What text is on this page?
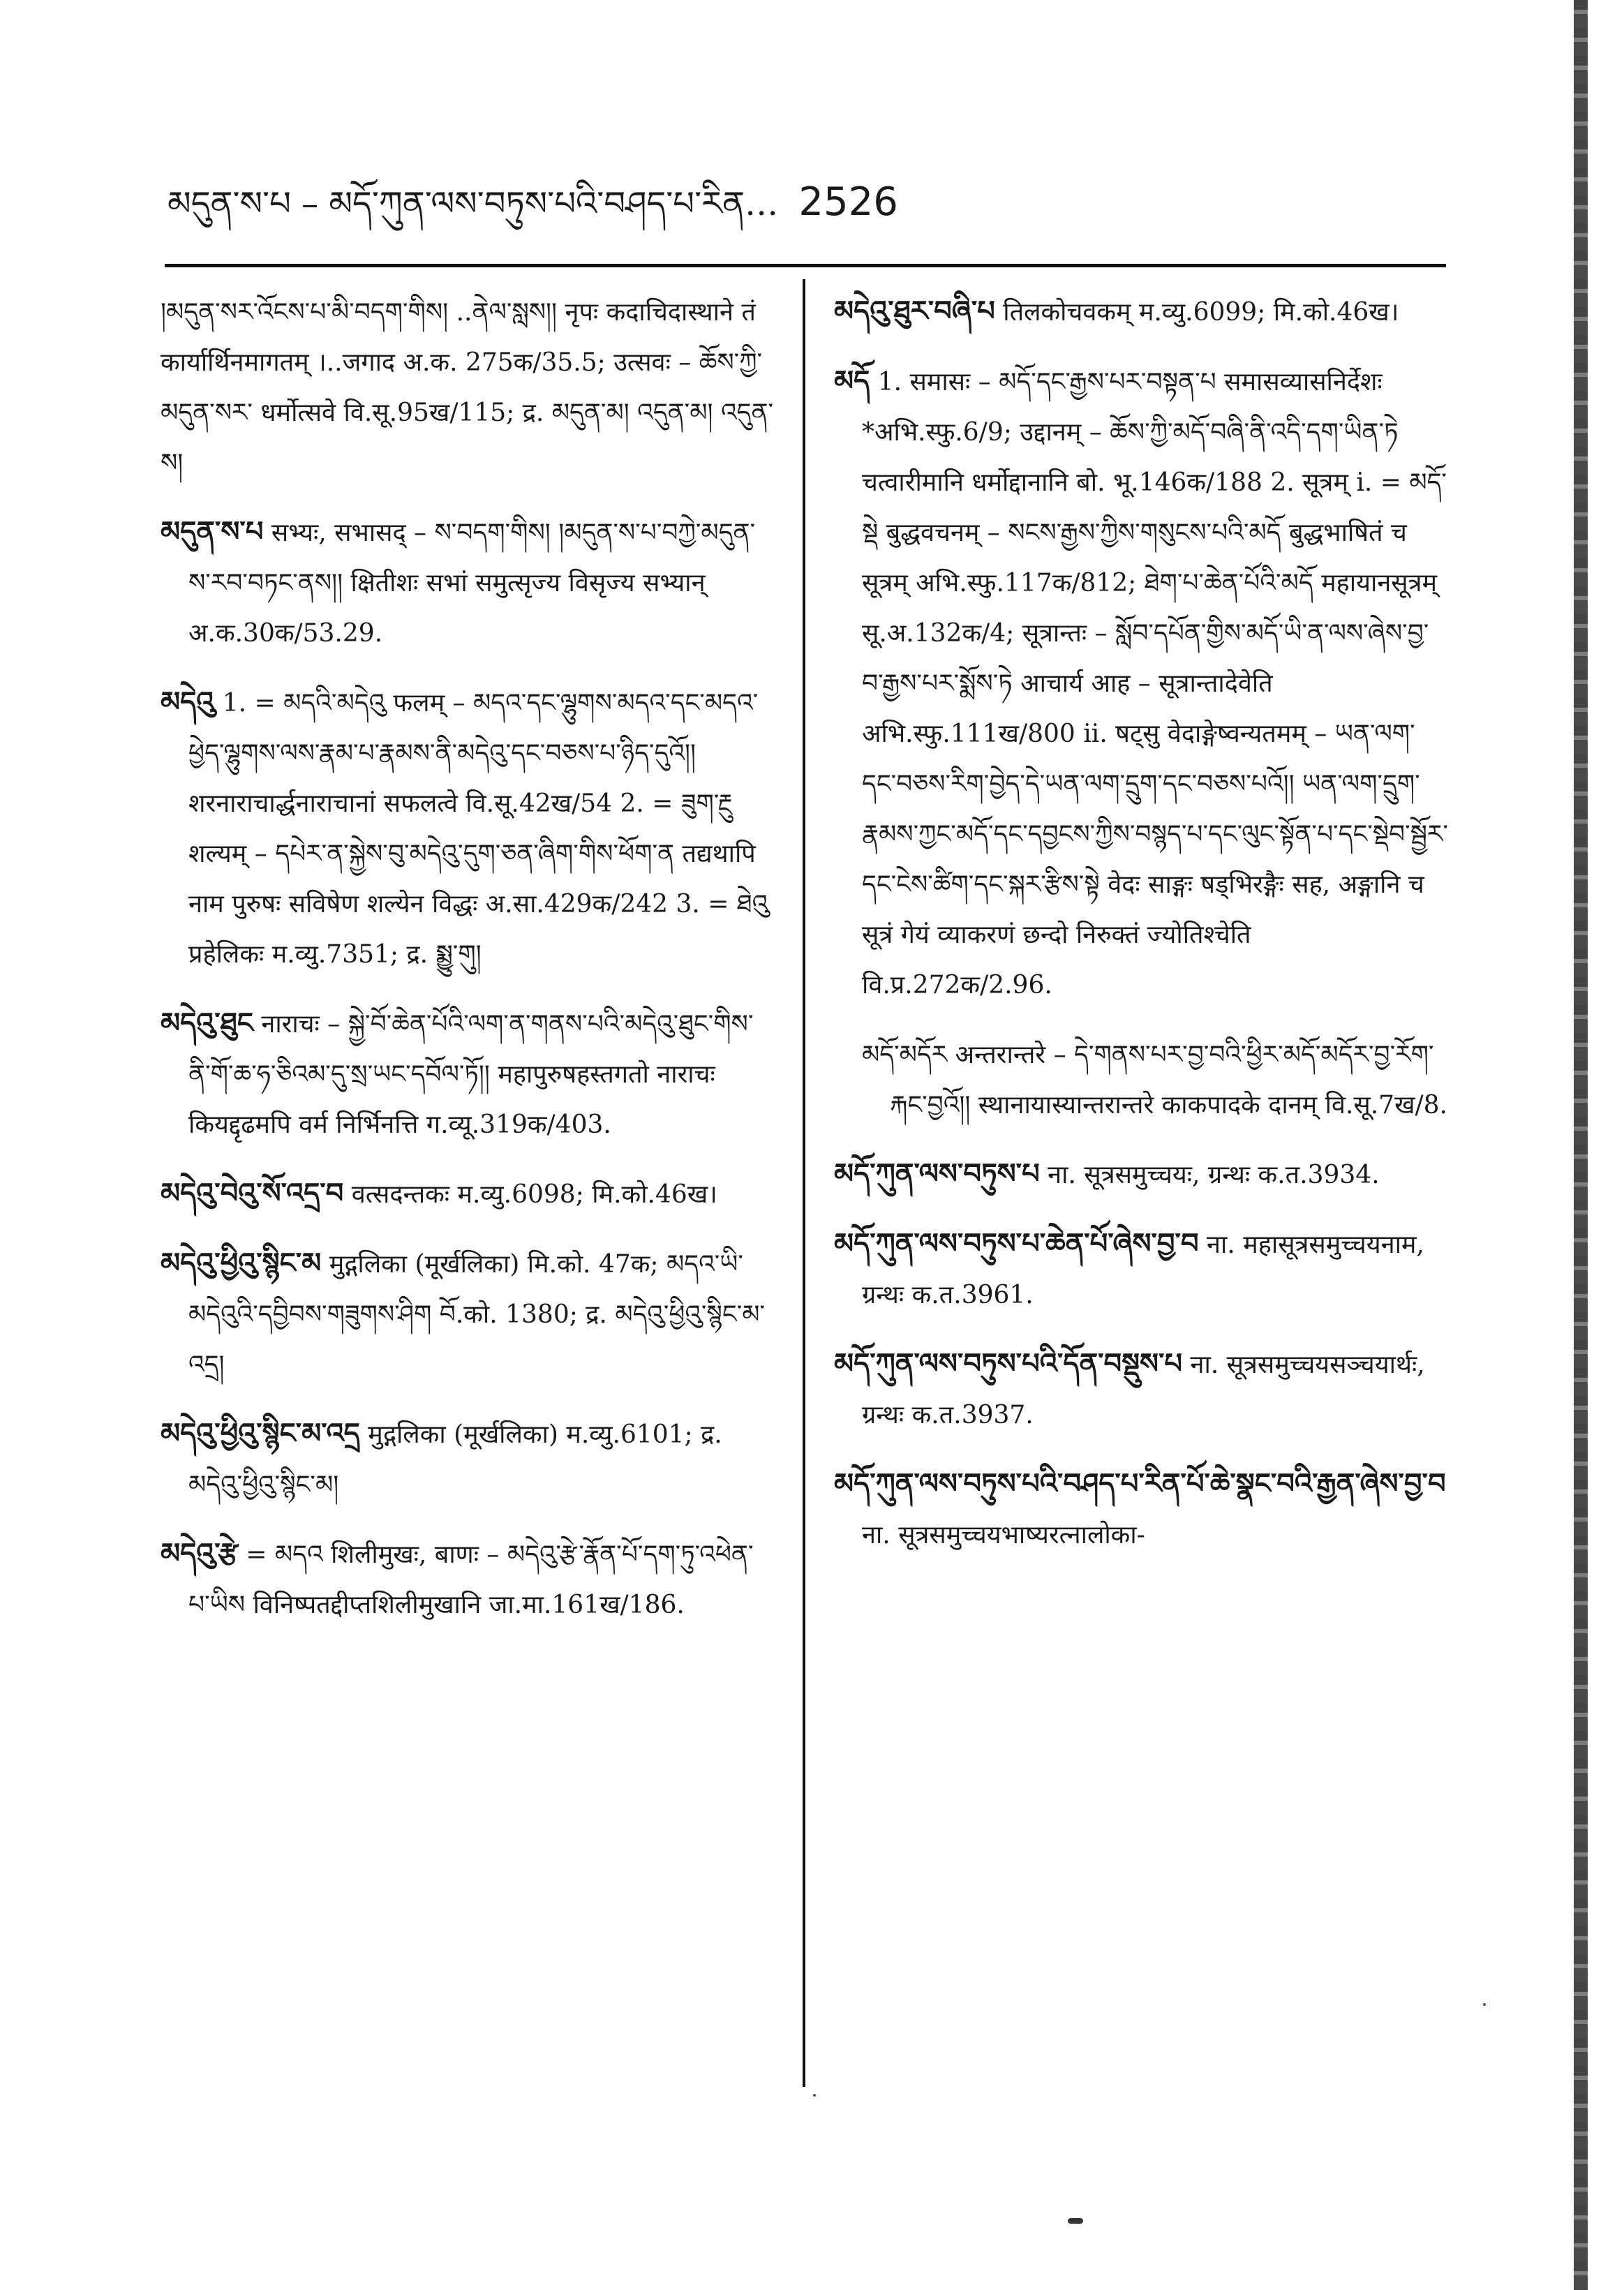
མདུན་ས་པ – མདོ་ཀུན་ལས་བཏུས་པའི་བཤད་པ་རིན… 2526

།མདུན་སར་འོངས་པ་མི་བདག་གིས། ..ནེལ་སླས།། नृपः कदाचिदास्थाने तं कार्यार्थिनमागतम् ।..जगाद अ.क. 275क/35.5; उत्सवः – ཆོས་ཀྱི་མདུན་སར་ धर्मोत्सवे वि.सू.95ख/115; द्र. མདུན་མ། འདུན་མ། འདུན་ས།

མདུན་ས་པ सभ्यः, सभासद् – ས་བདག་གིས། །མདུན་ས་པ་བཀྱེ་མདུན་ས་རབ་བཏང་ནས།། क्षितीशः सभां समुत्सृज्य विसृज्य सभ्यान् अ.क.30क/53.29.

མདེའུ 1. = མདའི་མདེའུ फलम् – མདའ་དང་ལྷུགས་མདའ་དང་མདའ་ཕྱེད་ལྷུགས་ལས་རྣམ་པ་རྣམས་ནི་མདེའུ་དང་བཅས་པ་ཉིད་དུའོ།། शरनाराचार्द्धनाराचानां सफलत्वे वि.सू.42ख/54 2. = ཟུག་རྔུ शल्यम् – དཔེར་ན་སྐྱེས་བུ་མདེའུ་དུག་ཅན་ཞིག་གིས་ཕོག་ན तद्यथापि नाम पुरुषः सविषेण शल्येन विद्धः अ.सा.429क/242 3. = ཐེའུ प्रहेलिकः म.व्यु.7351; द्र. སྨྱུ་གུ།

མདེའུ་ཐུང नाराचः – སྐྱེ་བོ་ཆེན་པོའི་ལག་ན་གནས་པའི་མདེའུ་ཐུང་གིས་ནི་གོ་ཆ་ཧ་ཅིའམ་དུ་སྲ་ཡང་དབོལ་ཏོ།། महापुरुषहस्तगतो नाराचः कियद्दृढमपि वर्म निर्भिनत्ति ग.व्यू.319क/403.

མདེའུ་བེའུ་སོ་འདྲ་བ वत्सदन्तकः म.व्यु.6098; मि.को.46ख।

མདེའུ་ཕྱིའུ་སྙིང་མ मुद्गलिका (मूर्खलिका) मि.को. 47क; མདའ་ཡི་མདེའུའི་དབྱིབས་གཟུགས་ཤིག བོ.को. 1380; द्र. མདེའུ་ཕྱིའུ་སྙིང་མ་འདྲ།

མདེའུ་ཕྱིའུ་སྙིང་མ་འདྲ मुद्गलिका (मूर्खलिका) म.व्यु.6101; द्र. མདེའུ་ཕྱིའུ་སྙིང་མ།

མདེའུ་རྩེ = མདའ शिलीमुखः, बाणः – མདེའུ་རྩེ་རྣོན་པོ་དག་ཏུ་འཕེན་པ་ཡིས विनिष्पतद्दीप्तशिलीमुखानि जा.मा.161ख/186.

མདེའུ་ཐུར་བཞི་པ तिलकोचवकम् म.व्यु.6099; मि.को.46ख।

མདོ 1. समासः – མདོ་དང་རྒྱས་པར་བསྟན་པ समासव्यासनिर्देशः *अभि.स्फु.6/9; उद्दानम् – ཆོས་ཀྱི་མདོ་བཞི་ནི་འདི་དག་ཡིན་ཏེ चत्वारीमानि धर्मोद्दानानि बो. भू.146क/188 2. सूत्रम् i. = མདོ་སྡེ बुद्धवचनम् – སངས་རྒྱས་ཀྱིས་གསུངས་པའི་མདོ बुद्धभाषितं च सूत्रम् अभि.स्फु.117क/812; ཐེག་པ་ཆེན་པོའི་མདོ महायानसूत्रम् सू.अ.132क/4; सूत्रान्तः – སློབ་དཔོན་གྱིས་མདོ་ཡི་ན་ལས་ཞེས་བྱ་བ་རྒྱས་པར་སྨོས་ཏེ आचार्य आह – सूत्रान्तादेवेति अभि.स्फु.111ख/800 ii. षट्सु वेदाङ्गेष्वन्यतमम् – ཡན་ལག་དང་བཅས་རིག་བྱེད་དེ་ཡན་ལག་དྲུག་དང་བཅས་པའོ།། ཡན་ལག་དྲུག་རྣམས་ཀྱང་མདོ་དང་དབྱངས་ཀྱིས་བསྙད་པ་དང་ལུང་སྟོན་པ་དང་སྡེབ་སྦྱོར་དང་ངེས་ཚིག་དང་སྐར་རྩིས་སྟེ वेदः साङ्गः षड्भिरङ्गैः सह, अङ्गानि च सूत्रं गेयं व्याकरणं छन्दो निरुक्तं ज्योतिश्चेति वि.प्र.272क/2.96.

མདོ་མདོར अन्तरान्तरे – དེ་གནས་པར་བྱ་བའི་ཕྱིར་མདོ་མདོར་བྱ་རོག་རྐང་བྱའོ།། स्थानायास्यान्तरान्तरे काकपादके दानम् वि.सू.7ख/8.

མདོ་ཀུན་ལས་བཏུས་པ ना. सूत्रसमुच्चयः, ग्रन्थः क.त.3934.

མདོ་ཀུན་ལས་བཏུས་པ་ཆེན་པོ་ཞེས་བྱ་བ ना. महासूत्रसमुच्चयनाम, ग्रन्थः क.त.3961.

མདོ་ཀུན་ལས་བཏུས་པའི་དོན་བསྡུས་པ ना. सूत्रसमुच्चयसञ्चयार्थः, ग्रन्थः क.त.3937.

མདོ་ཀུན་ལས་བཏུས་པའི་བཤད་པ་རིན་པོ་ཆེ་སྣང་བའི་རྒྱན་ཞེས་བྱ་བ ना. सूत्रसमुच्चयभाष्यरत्नालोका-
